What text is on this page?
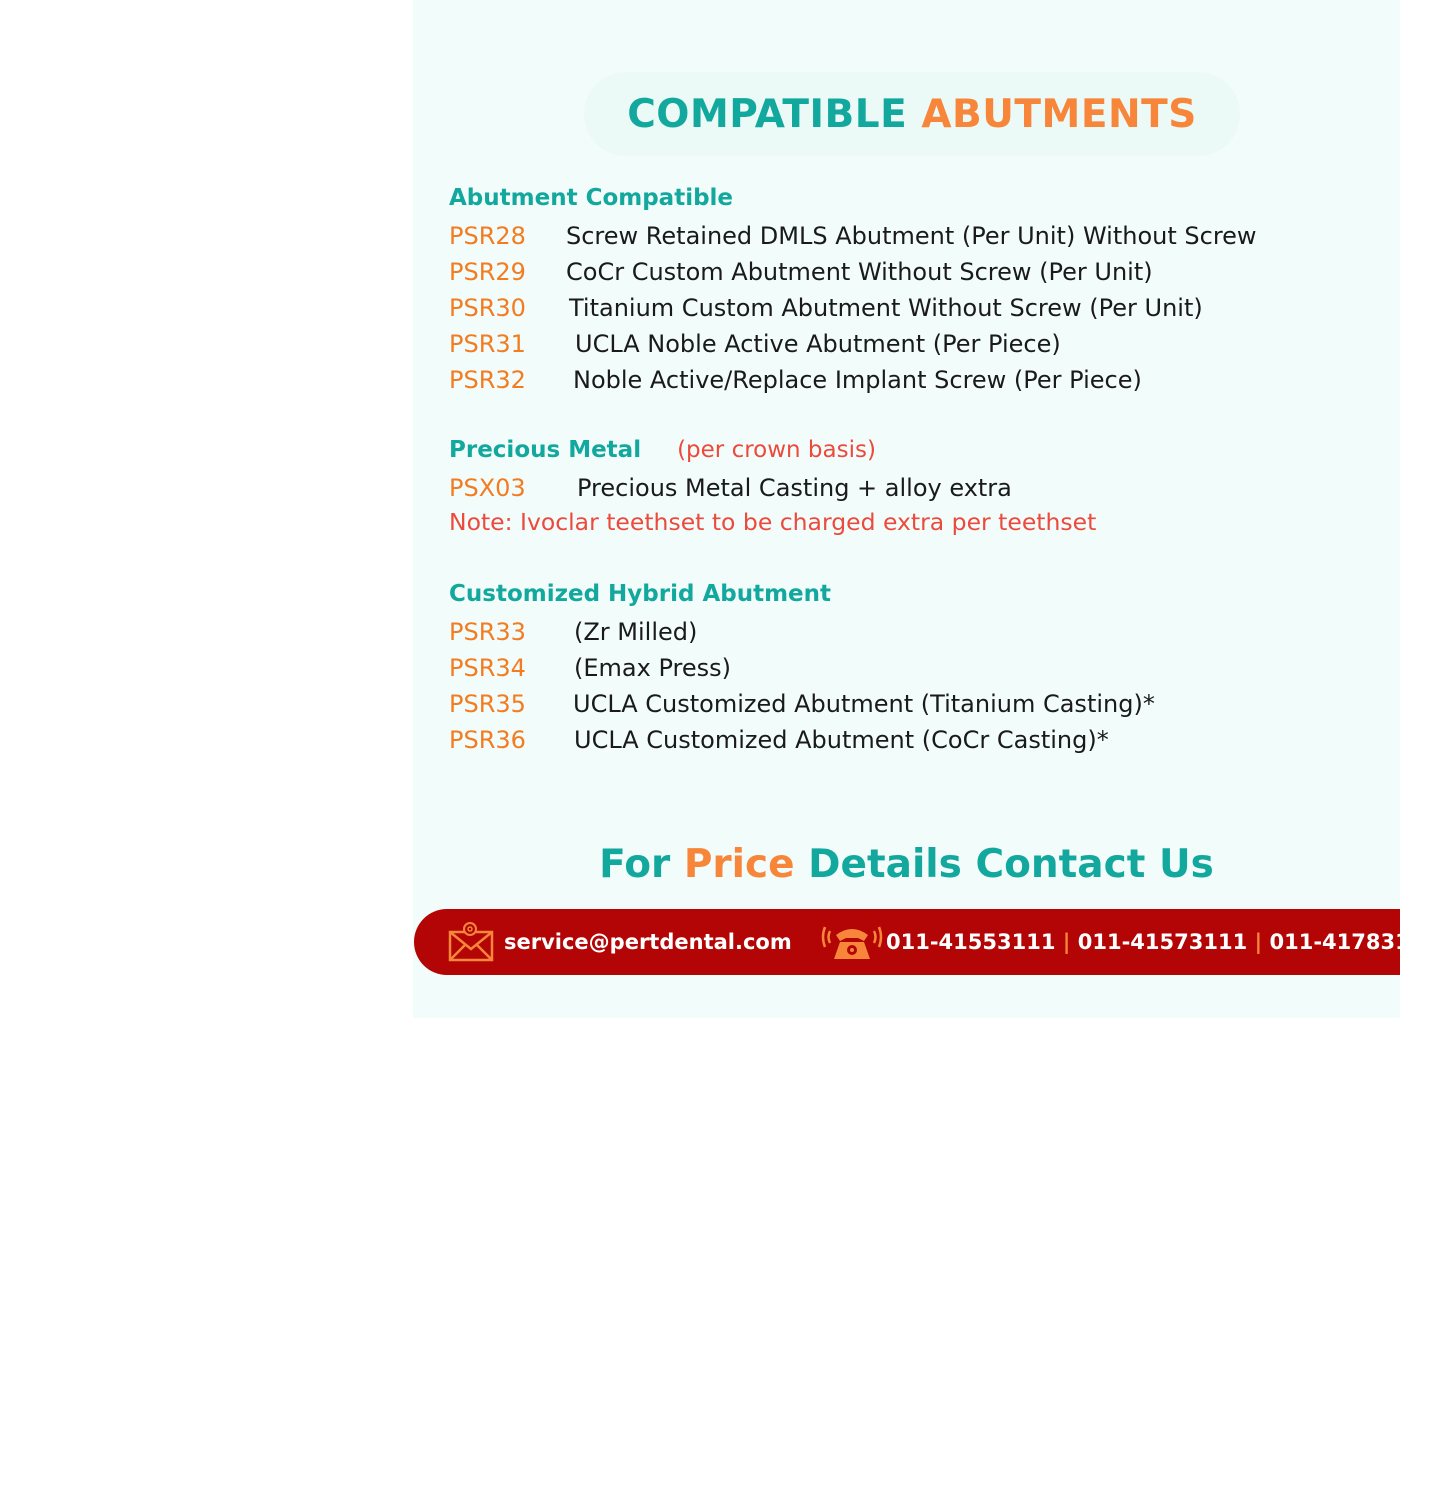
COMPATIBLE
ABUTMENTS
Abutment Compatible
PSR28 Screw Retained DMLS Abutment (Per Unit) Without Screw
PSR29 CoCr Custom Abutment Without Screw (Per Unit)
PSR30 Titanium Custom Abutment Without Screw (Per Unit)
PSR31 UCLA Noble Active Abutment (Per Piece)
PSR32 Noble Active/Replace Implant Screw (Per Piece)
Precious Metal (per crown basis)
PSX03 Precious Metal Casting + alloy extra
Note: Ivoclar teethset to be charged extra per teethset
Customized Hybrid Abutment
PSR33 (Zr Milled)
PSR34 (Emax Press)
PSR35 UCLA Customized Abutment (Titanium Casting)*
PSR36 UCLA Customized Abutment (CoCr Casting)*
For Price Details Contact Us
service@pertdental.com	011-41553111 | 011-41573111 | 011-41783111
